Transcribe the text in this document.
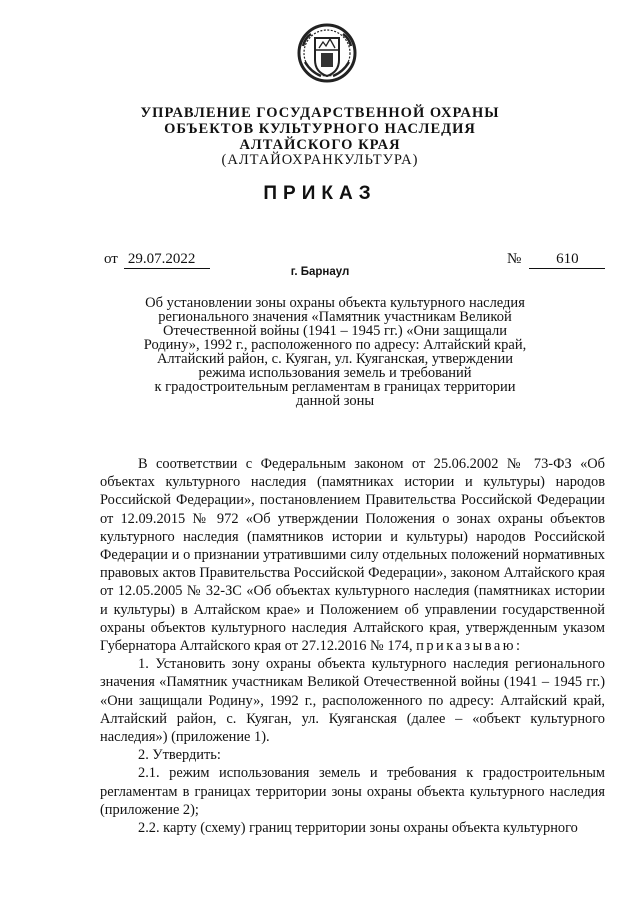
УПРАВЛЕНИЕ ГОСУДАРСТВЕННОЙ ОХРАНЫ
ОБЪЕКТОВ КУЛЬТУРНОГО НАСЛЕДИЯ
АЛТАЙСКОГО КРАЯ
(АЛТАЙОХРАНКУЛЬТУРА)
ПРИКАЗ
от 29.07.2022	№ 610
г. Барнаул
Об установлении зоны охраны объекта культурного наследия
регионального значения «Памятник участникам Великой
Отечественной войны (1941 – 1945 гг.) «Они защищали
Родину», 1992 г., расположенного по адресу: Алтайский край,
Алтайский район, с. Куяган, ул. Куяганская, утверждении
режима использования земель и требований
к градостроительным регламентам в границах территории
данной зоны

В соответствии с Федеральным законом от 25.06.2002 № 73-ФЗ «Об объектах культурного наследия (памятниках истории и культуры) народов Российской Федерации», постановлением Правительства Российской Федерации от 12.09.2015 № 972 «Об утверждении Положения о зонах охраны объектов культурного наследия (памятников истории и культуры) народов Российской Федерации и о признании утратившими силу отдельных положений нормативных правовых актов Правительства Российской Федерации», законом Алтайского края от 12.05.2005 № 32-ЗС «Об объектах культурного наследия (памятниках истории и культуры) в Алтайском крае» и Положением об управлении государственной охраны объектов культурного наследия Алтайского края, утвержденным указом Губернатора Алтайского края от 27.12.2016 № 174, приказываю:

1. Установить зону охраны объекта культурного наследия регионального значения «Памятник участникам Великой Отечественной войны (1941 – 1945 гг.) «Они защищали Родину», 1992 г., расположенного по адресу: Алтайский край, Алтайский район, с. Куяган, ул. Куяганская (далее – «объект культурного наследия») (приложение 1).

2. Утвердить:

2.1. режим использования земель и требования к градостроительным регламентам в границах территории зоны охраны объекта культурного наследия (приложение 2);

2.2. карту (схему) границ территории зоны охраны объекта культурного
